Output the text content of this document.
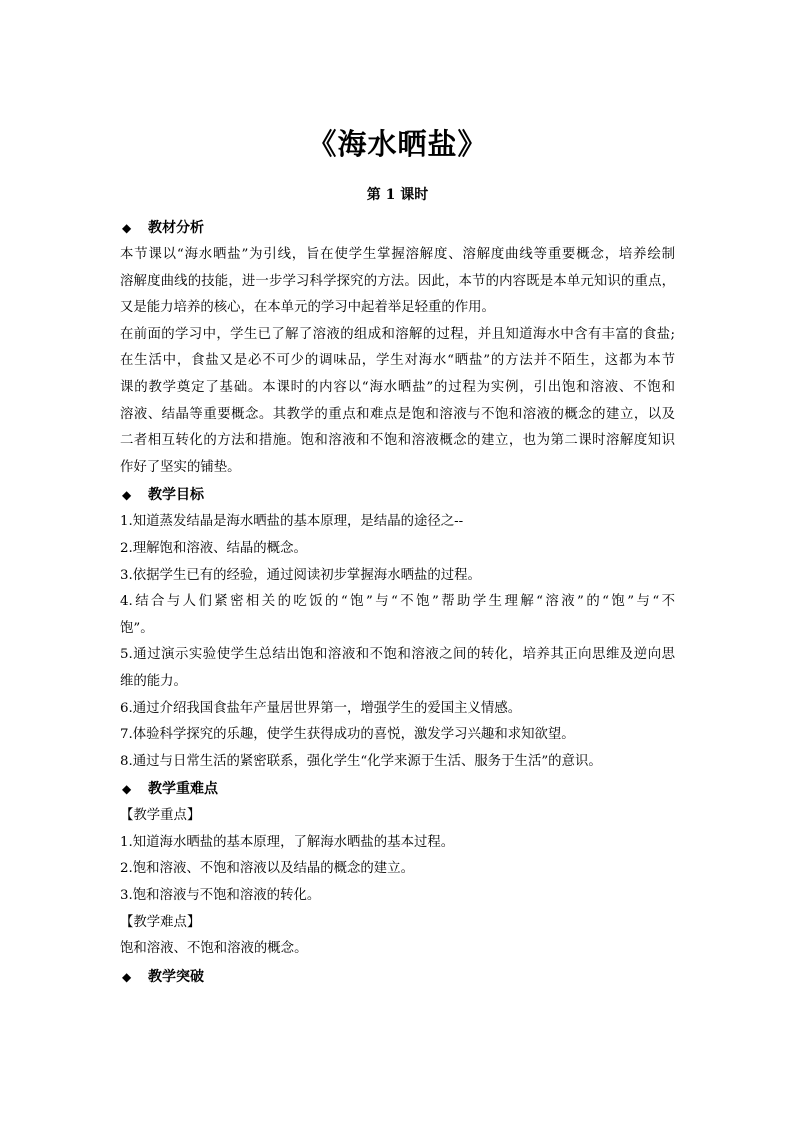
《海水晒盐》
第 1 课时
◆ 教材分析
本节课以“海水晒盐”为引线，旨在使学生掌握溶解度、溶解度曲线等重要概念，培养绘制
溶解度曲线的技能，进一步学习科学探究的方法。因此，本节的内容既是本单元知识的重点，
又是能力培养的核心，在本单元的学习中起着举足轻重的作用。
在前面的学习中，学生已了解了溶液的组成和溶解的过程，并且知道海水中含有丰富的食盐;
在生活中，食盐又是必不可少的调味品，学生对海水“晒盐”的方法并不陌生，这都为本节
课的教学奠定了基础。本课时的内容以“海水晒盐”的过程为实例，引出饱和溶液、不饱和
溶液、结晶等重要概念。其教学的重点和难点是饱和溶液与不饱和溶液的概念的建立，以及
二者相互转化的方法和措施。饱和溶液和不饱和溶液概念的建立，也为第二课时溶解度知识
作好了坚实的铺垫。
◆ 教学目标
1.知道蒸发结晶是海水晒盐的基本原理，是结晶的途径之--
2.理解饱和溶液、结晶的概念。
3.依据学生已有的经验，通过阅读初步掌握海水晒盐的过程。
4.结合与人们紧密相关的吃饭的“饱”与“不饱”帮助学生理解“溶液”的“饱”与“不
饱”。
5.通过演示实验使学生总结出饱和溶液和不饱和溶液之间的转化，培养其正向思维及逆向思
维的能力。
6.通过介绍我国食盐年产量居世界第一，增强学生的爱国主义情感。
7.体验科学探究的乐趣，使学生获得成功的喜悦，激发学习兴趣和求知欲望。
8.通过与日常生活的紧密联系，强化学生“化学来源于生活、服务于生活”的意识。
◆ 教学重难点
【教学重点】
1.知道海水晒盐的基本原理，了解海水晒盐的基本过程。
2.饱和溶液、不饱和溶液以及结晶的概念的建立。
3.饱和溶液与不饱和溶液的转化。
【教学难点】
饱和溶液、不饱和溶液的概念。
◆ 教学突破
